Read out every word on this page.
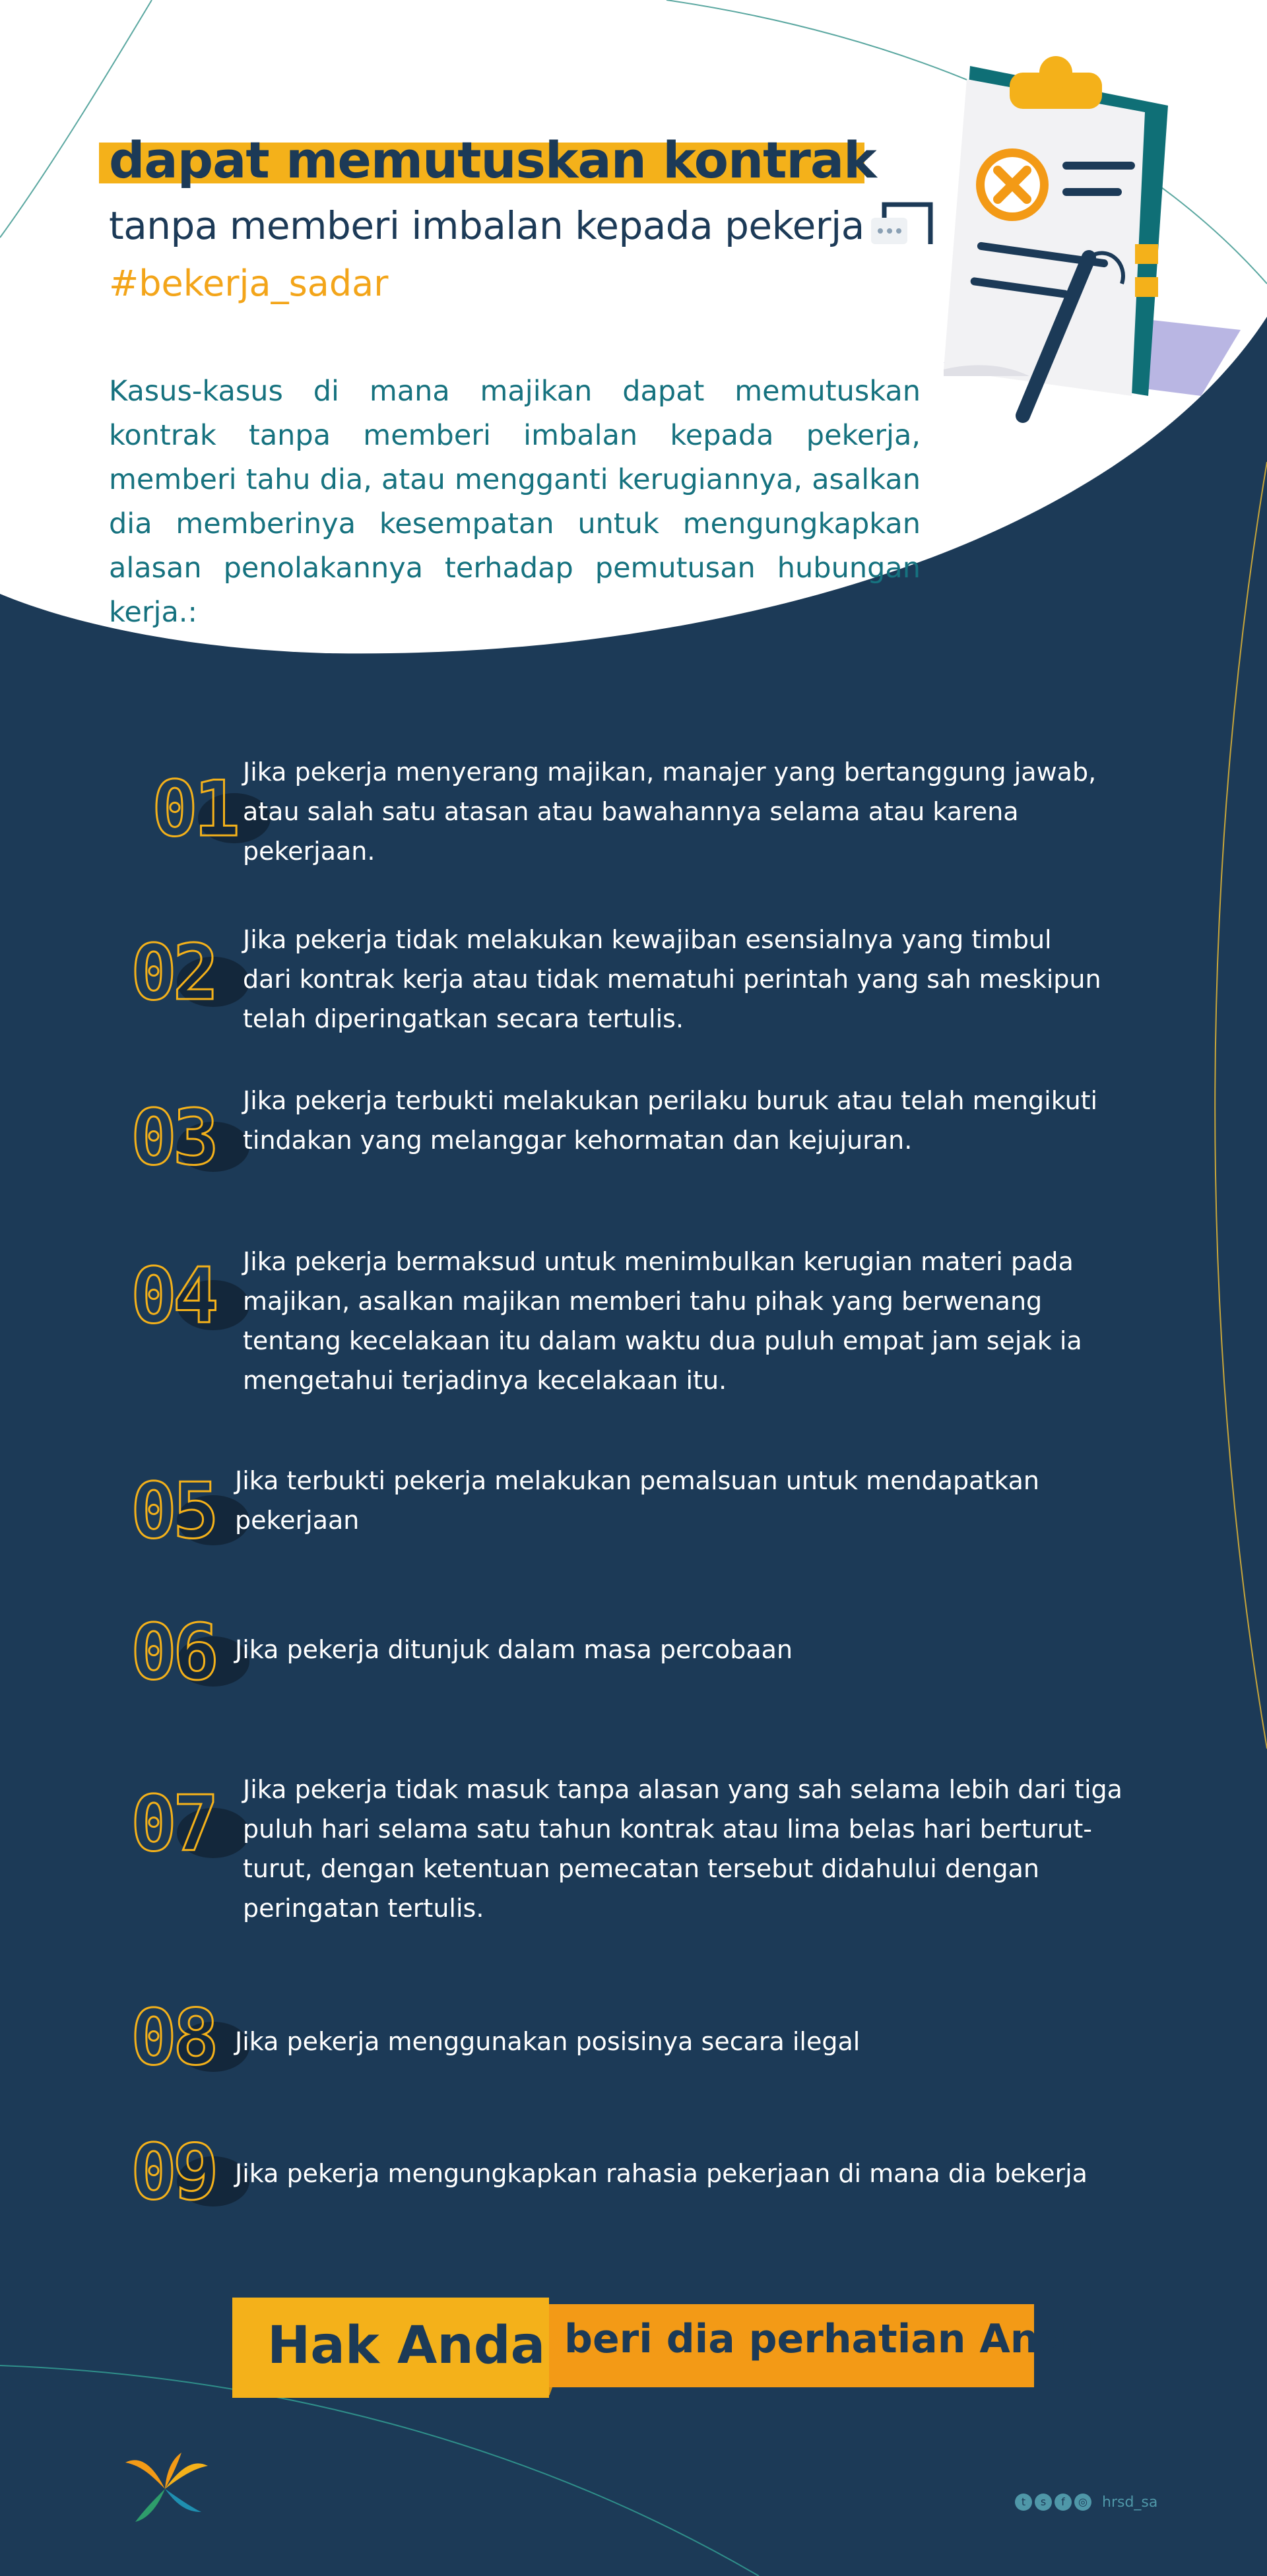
dapat memutuskan kontrak
tanpa memberi imbalan kepada pekerja
#bekerja_sadar
Kasus-kasus di mana majikan dapat memutuskan kontrak tanpa memberi imbalan kepada pekerja, memberi tahu dia, atau mengganti kerugiannya, asalkan dia memberinya kesempatan untuk mengungkapkan alasan penolakannya terhadap pemutusan hubungan kerja.:
01 Jika pekerja menyerang majikan, manajer yang bertanggung jawab, atau salah satu atasan atau bawahannya selama atau karena pekerjaan.
02 Jika pekerja tidak melakukan kewajiban esensialnya yang timbul dari kontrak kerja atau tidak mematuhi perintah yang sah meskipun telah diperingatkan secara tertulis.
03 Jika pekerja terbukti melakukan perilaku buruk atau telah mengikuti tindakan yang melanggar kehormatan dan kejujuran.
04 Jika pekerja bermaksud untuk menimbulkan kerugian materi pada majikan, asalkan majikan memberi tahu pihak yang berwenang tentang kecelakaan itu dalam waktu dua puluh empat jam sejak ia mengetahui terjadinya kecelakaan itu.
05 Jika terbukti pekerja melakukan pemalsuan untuk mendapatkan pekerjaan
06 Jika pekerja ditunjuk dalam masa percobaan
07 Jika pekerja tidak masuk tanpa alasan yang sah selama lebih dari tiga puluh hari selama satu tahun kontrak atau lima belas hari berturut-turut, dengan ketentuan pemecatan tersebut didahului dengan peringatan tertulis.
08 Jika pekerja menggunakan posisinya secara ilegal
09 Jika pekerja mengungkapkan rahasia pekerjaan di mana dia bekerja
Hak Anda beri dia perhatian Anda
t	s	f	◎ hrsd_sa
